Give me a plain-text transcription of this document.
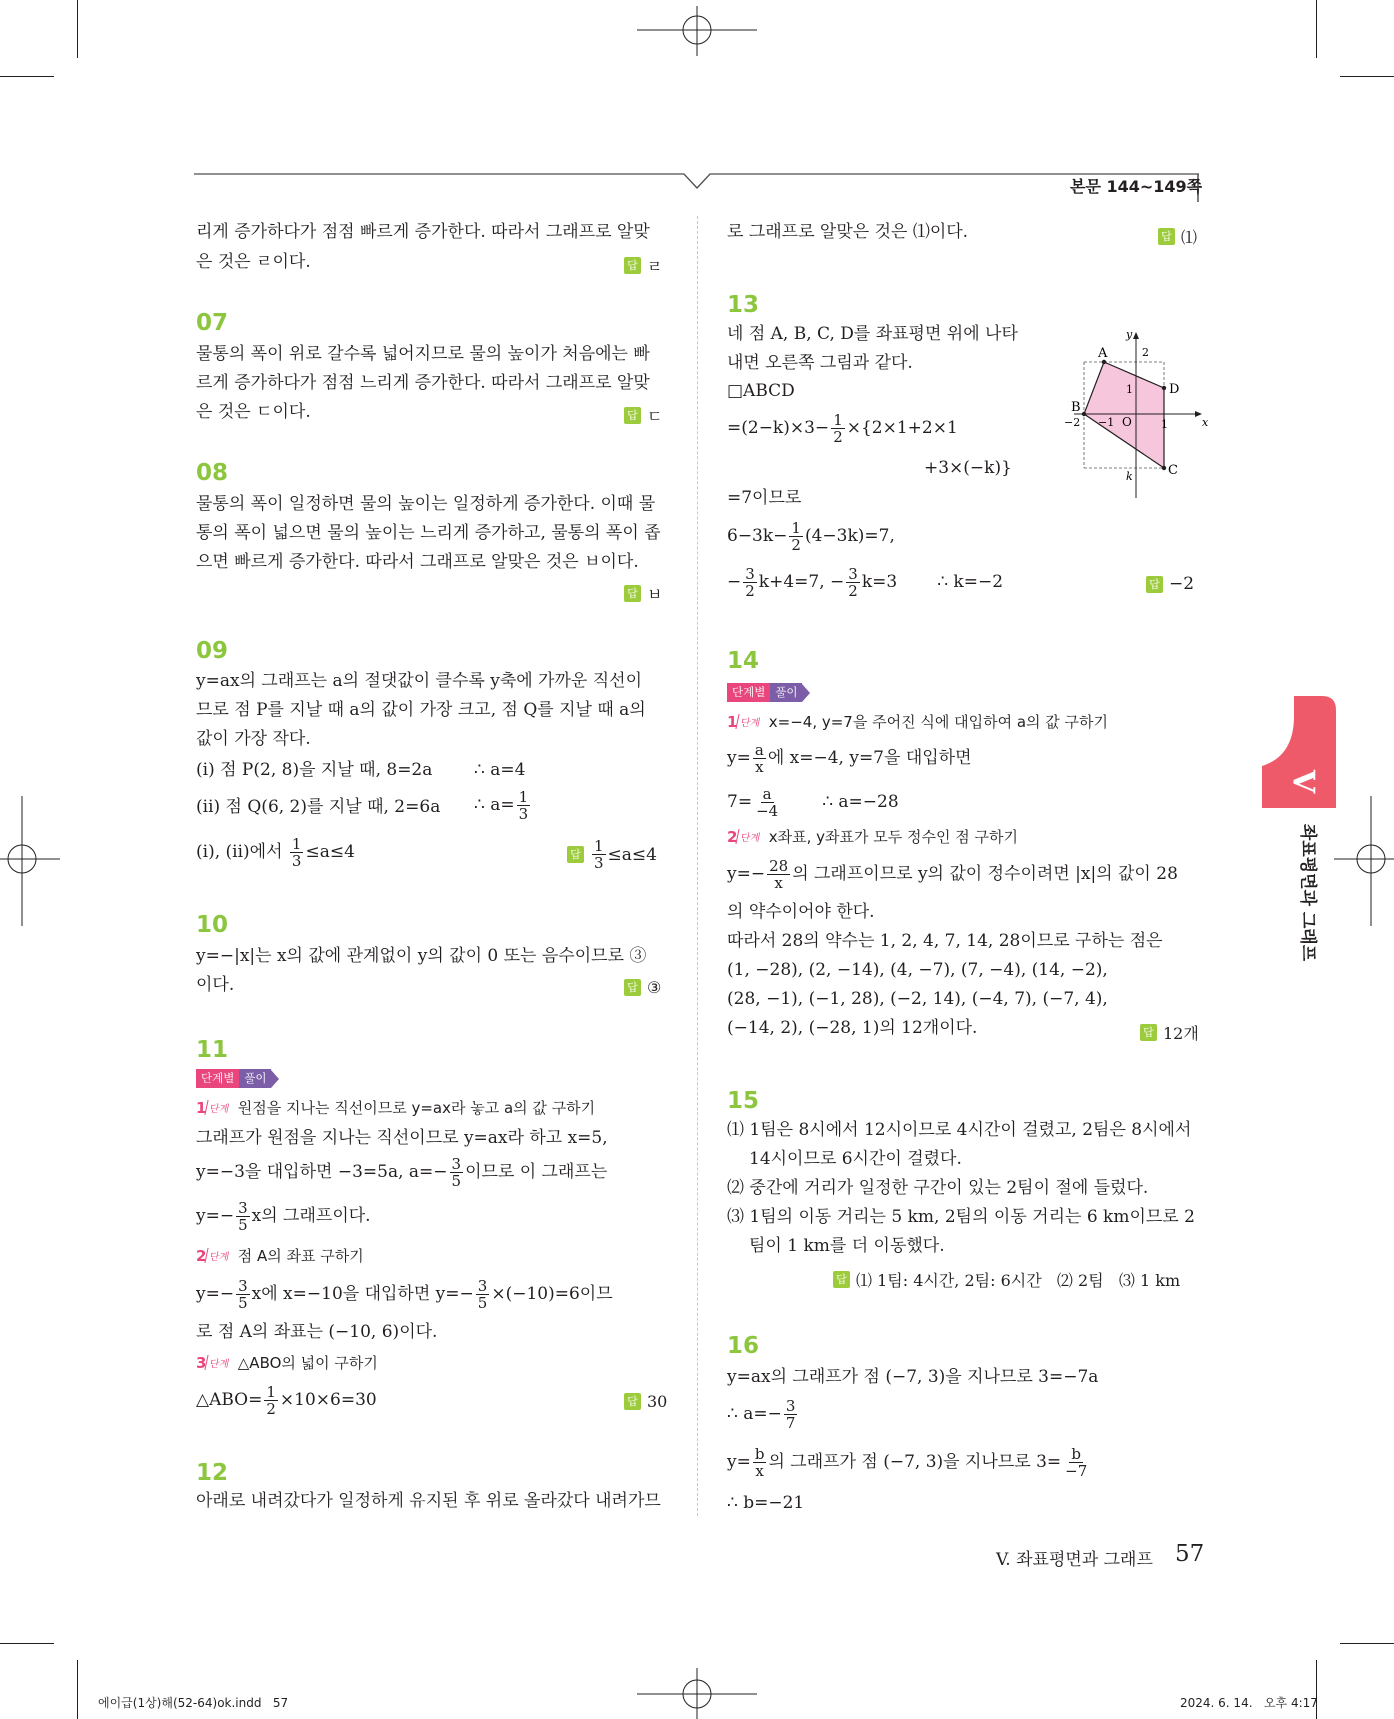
본문 144~149쪽
리게 증가하다가 점점 빠르게 증가한다. 따라서 그래프로 알맞
은 것은 ㄹ이다.	답 ㄹ
07
물통의 폭이 위로 갈수록 넓어지므로 물의 높이가 처음에는 빠
르게 증가하다가 점점 느리게 증가한다. 따라서 그래프로 알맞
은 것은 ㄷ이다.	답 ㄷ
08
물통의 폭이 일정하면 물의 높이는 일정하게 증가한다. 이때 물
통의 폭이 넓으면 물의 높이는 느리게 증가하고, 물통의 폭이 좁
으면 빠르게 증가한다. 따라서 그래프로 알맞은 것은 ㅂ이다.
답 ㅂ
09
y=ax의 그래프는 a의 절댓값이 클수록 y축에 가까운 직선이
므로 점 P를 지날 때 a의 값이 가장 크고, 점 Q를 지날 때 a의
값이 가장 작다.
(ⅰ) 점 P(2, 8)을 지날 때, 8=2a ∴ a=4
(ⅱ) 점 Q(6, 2)를 지날 때, 2=6a ∴ $a= \frac{1}{3}$
(ⅰ), (ⅱ)에서
$\frac{1}{3} \le a\le 4$	답 $\frac{1}{3} \le a\le 4$
10
y=−|x|는 x의 값에 관계없이 y의 값이 0 또는 음수이므로 ③
이다.	답 ③
11
단계별 풀이
1 단계 원점을 지나는 직선이므로 y=ax라 놓고 a의 값 구하기
그래프가 원점을 지나는 직선이므로 y=ax라 하고 x=5,
y=−3을 대입하면 −3=5a, $a=- \frac{3}{5}$ 이므로 이 그래프는
$y=- \frac{3}{5}$ x의 그래프이다.
2 단계 점 A의 좌표 구하기
$y=- \frac{3}{5}$ x에 x=−10을 대입하면 $y=- \frac{3}{5} \times(-10)=6$이므
로 점 A의 좌표는 (−10, 6)이다.
3 단계 △ABO의 넓이 구하기
△ABO= $\frac{1}{2} \times 10\times 6=30$	답 30
12
아래로 내려갔다가 일정하게 유지된 후 위로 올라갔다 내려가므
로 그래프로 알맞은 것은 ⑴이다.	답 ⑴
13
네 점 A, B, C, D를 좌표평면 위에 나타
내면 오른쪽 그림과 같다.
□ABCD
$=(2-k)\times 3- \frac{1}{2} \times\{2\times 1+2\times 1$
+3×(−k)}
=7이므로
$6-3k- \frac{1}{2} (4-3k)=7$,
− $\frac{3}{2} k+4=7$, − $\frac{3}{2} k=3$ ∴ k=−2	답 −2
y
x
A	2
1	D
B
−2 −1 O	1
k	C
14
단계별 풀이
1 단계 x=−4, y=7을 주어진 식에 대입하여 a의 값 구하기
$y= \frac{a}{x}$ 에 x=−4, y=7을 대입하면
$7= \frac{a}{-4}$ ∴ a=−28
2 단계 x좌표, y좌표가 모두 정수인 점 구하기
$y=- \frac{28}{x}$ 의 그래프이므로 y의 값이 정수이려면 |x|의 값이 28
의 약수이어야 한다.
따라서 28의 약수는 1, 2, 4, 7, 14, 28이므로 구하는 점은
(1, −28), (2, −14), (4, −7), (7, −4), (14, −2),
(28, −1), (−1, 28), (−2, 14), (−4, 7), (−7, 4),
(−14, 2), (−28, 1)의 12개이다.	답 12개
15
⑴ 1팀은 8시에서 12시이므로 4시간이 걸렸고, 2팀은 8시에서
14시이므로 6시간이 걸렸다.
⑵ 중간에 거리가 일정한 구간이 있는 2팀이 절에 들렀다.
⑶ 1팀의 이동 거리는 5 km, 2팀의 이동 거리는 6 km이므로 2
팀이 1 km를 더 이동했다.
답 ⑴ 1팀: 4시간, 2팀: 6시간   ⑵ 2팀   ⑶ 1 km
16
y=ax의 그래프가 점 (−7, 3)을 지나므로 3=−7a
∴ $a=- \frac{3}{7}$
$y= \frac{b}{x}$ 의 그래프가 점 (−7, 3)을 지나므로 $3= \frac{b}{-7}$
∴ b=−21
V
좌표평면과 그래프
V. 좌표평면과 그래프 57
에이급(1상)해(52-64)ok.indd   57	2024. 6. 14.   오후 4:17
